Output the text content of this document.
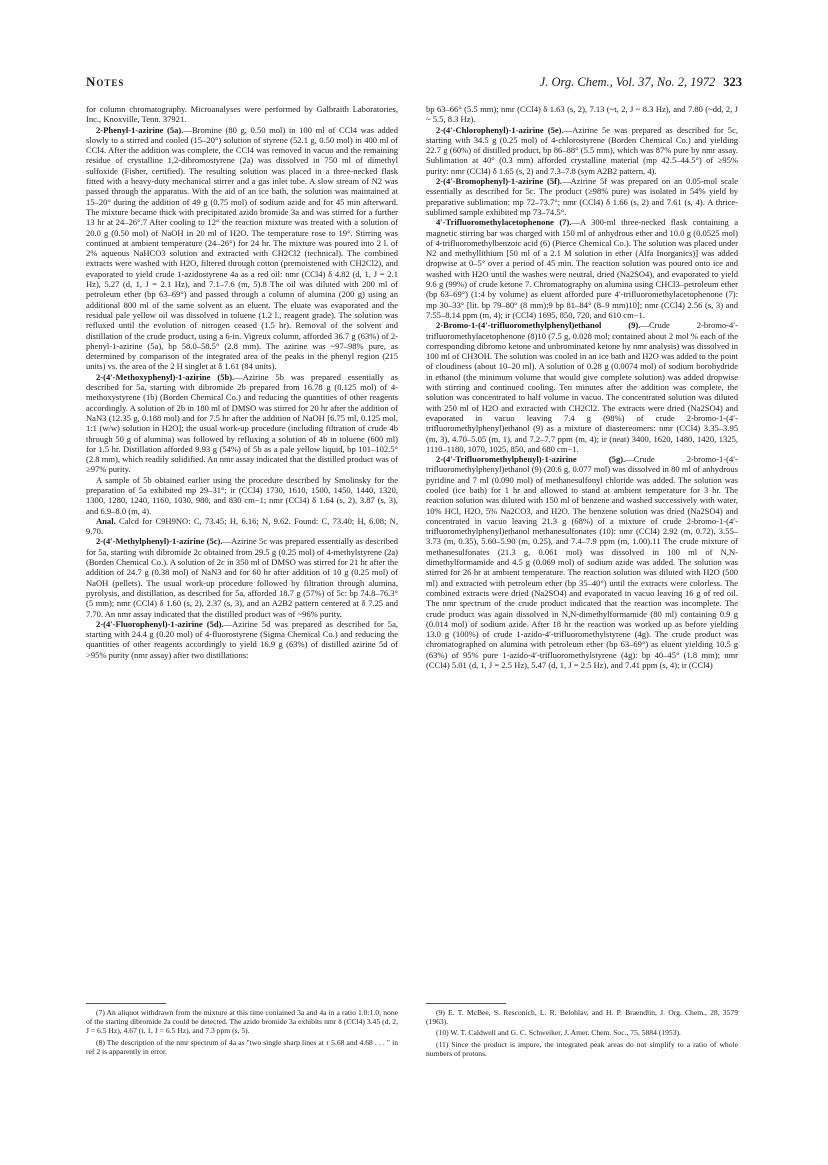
Notes	J. Org. Chem., Vol. 37, No. 2, 1972 323

for column chromatography. Microanalyses were performed by Galbraith Laboratories, Inc., Knoxville, Tenn. 37921.

2-Phenyl-1-azirine (5a).—Bromine (80 g, 0.50 mol) in 100 ml of CCl4 was added slowly to a stirred and cooled (15–20°) solution of styrene (52.1 g, 0.50 mol) in 400 ml of CCl4. After the addition was complete, the CCl4 was removed in vacuo and the remaining residue of crystalline 1,2-dibromostyrene (2a) was dissolved in 750 ml of dimethyl sulfoxide (Fisher, certified). The resulting solution was placed in a three-necked flask fitted with a heavy-duty mechanical stirrer and a gas inlet tube. A slow stream of N2 was passed through the apparatus. With the aid of an ice bath, the solution was maintained at 15–20° during the addition of 49 g (0.75 mol) of sodium azide and for 45 min afterward. The mixture became thick with precipitated azido bromide 3a and was stirred for a further 13 hr at 24–26°.7 After cooling to 12° the reaction mixture was treated with a solution of 20.0 g (0.50 mol) of NaOH in 20 ml of H2O. The temperature rose to 19°. Stirring was continued at ambient temperature (24–26°) for 24 hr. The mixture was poured into 2 l. of 2% aqueous NaHCO3 solution and extracted with CH2Cl2 (technical). The combined extracts were washed with H2O, filtered through cotton (premoistened with CH2Cl2), and evaporated to yield crude 1-azidostyrene 4a as a red oil: nmr (CCl4) δ 4.82 (d, 1, J = 2.1 Hz), 5.27 (d, 1, J = 2.1 Hz), and 7.1–7.6 (m, 5).8 The oil was diluted with 200 ml of petroleum ether (bp 63–69°) and passed through a column of alumina (200 g) using an additional 800 ml of the same solvent as an eluent. The eluate was evaporated and the residual pale yellow oil was dissolved in toluene (1.2 l., reagent grade). The solution was refluxed until the evolution of nitrogen ceased (1.5 hr). Removal of the solvent and distillation of the crude product, using a 6-in. Vigreux column, afforded 36.7 g (63%) of 2-phenyl-1-azirine (5a), bp 58.0–58.5° (2.8 mm). The azirine was ~97–98% pure, as determined by comparison of the integrated area of the peaks in the phenyl region (215 units) vs. the area of the 2 H singlet at δ 1.61 (84 units).

2-(4′-Methoxyphenyl)-1-azirine (5b).—Azirine 5b was prepared essentially as described for 5a, starting with dibromide 2b prepared from 16.78 g (0.125 mol) of 4-methoxystyrene (1b) (Borden Chemical Co.) and reducing the quantities of other reagents accordingly. A solution of 2b in 180 ml of DMSO was stirred for 20 hr after the addition of NaN3 (12.35 g, 0.188 mol) and for 7.5 hr after the addition of NaOH [6.75 ml, 0.125 mol, 1:1 (w/w) solution in H2O]; the usual work-up procedure (including filtration of crude 4b through 50 g of alumina) was followed by refluxing a solution of 4b in toluene (600 ml) for 1.5 hr. Distillation afforded 9.93 g (54%) of 5b as a pale yellow liquid, bp 101–102.5° (2.8 mm), which readily solidified. An nmr assay indicated that the distilled product was of ≥97% purity.

A sample of 5b obtained earlier using the procedure described by Smolinsky for the preparation of 5a exhibited mp 29–31°; ir (CCl4) 1730, 1610, 1500, 1450, 1440, 1320, 1300, 1280, 1240, 1160, 1030, 980, and 830 cm−1; nmr (CCl4) δ 1.64 (s, 2), 3.87 (s, 3), and 6.9–8.0 (m, 4).

Anal. Calcd for C9H9NO: C, 73.45; H, 6.16; N, 9.62. Found: C, 73.40; H, 6.08; N, 9.70.

2-(4′-Methylphenyl)-1-azirine (5c).—Azirine 5c was prepared essentially as described for 5a, starting with dibromide 2c obtained from 29.5 g (0.25 mol) of 4-methylstyrene (2a) (Borden Chemical Co.). A solution of 2c in 350 ml of DMSO was stirred for 21 hr after the addition of 24.7 g (0.38 mol) of NaN3 and for 60 hr after addition of 10 g (0.25 mol) of NaOH (pellets). The usual work-up procedure followed by filtration through alumina, pyrolysis, and distillation, as described for 5a, afforded 18.7 g (57%) of 5c: bp 74.8–76.3° (5 mm); nmr (CCl4) δ 1.60 (s, 2), 2.37 (s, 3), and an A2B2 pattern centered at δ 7.25 and 7.70. An nmr assay indicated that the distilled product was of ~96% purity.

2-(4′-Fluorophenyl)-1-azirine (5d).—Azirine 5d was prepared as described for 5a, starting with 24.4 g (0.20 mol) of 4-fluorostyrene (Sigma Chemical Co.) and reducing the quantities of other reagents accordingly to yield 16.9 g (63%) of distilled azirine 5d of >95% purity (nmr assay) after two distillations:

bp 63–66° (5.5 mm); nmr (CCl4) δ 1.63 (s, 2), 7.13 (~t, 2, J ~ 8.3 Hz), and 7.80 (~dd, 2, J ~ 5.5, 8.3 Hz).

2-(4′-Chlorophenyl)-1-azirine (5e).—Azirine 5e was prepared as described for 5c, starting with 34.5 g (0.25 mol) of 4-chlorostyrene (Borden Chemical Co.) and yielding 22.7 g (60%) of distilled product, bp 86–88° (5.5 mm), which was 87% pure by nmr assay. Sublimation at 40° (0.3 mm) afforded crystalline material (mp 42.5–44.5°) of ≥95% purity: nmr (CCl4) δ 1.65 (s, 2) and 7.3–7.8 (sym A2B2 pattern, 4).

2-(4′-Bromophenyl)-1-azirine (5f).—Azirine 5f was prepared on an 0.05-mol scale essentially as described for 5c. The product (≥98% pure) was isolated in 54% yield by preparative sublimation: mp 72–73.7°; nmr (CCl4) δ 1.66 (s, 2) and 7.61 (s, 4). A thrice-sublimed sample exhibited mp 73–74.5°.

4′-Trifluoromethylacetophenone (7).—A 300-ml three-necked flask containing a magnetic stirring bar was charged with 150 ml of anhydrous ether and 10.0 g (0.0525 mol) of 4-trifluoromethylbenzoic acid (6) (Pierce Chemical Co.). The solution was placed under N2 and methyllithium [50 ml of a 2.1 M solution in ether (Alfa Inorganics)] was added dropwise at 0–5° over a period of 45 min. The reaction solution was poured onto ice and washed with H2O until the washes were neutral, dried (Na2SO4), and evaporated to yield 9.6 g (99%) of crude ketone 7. Chromatography on alumina using CHCl3–petroleum ether (bp 63–69°) (1:4 by volume) as eluent afforded pure 4′-trifluoromethylacetophenone (7): mp 30–33° [lit. bp 79–80° (8 mm);9 bp 81–84° (8–9 mm)10]; nmr (CCl4) 2.56 (s, 3) and 7.55–8.14 ppm (m, 4); ir (CCl4) 1695, 850, 720, and 610 cm−1.

2-Bromo-1-(4′-trifluoromethylphenyl)ethanol (9).—Crude 2-bromo-4′-trifluoromethylacetophenone (8)10 (7.5 g, 0.028 mol; contained about 2 mol % each of the corresponding dibromo ketone and unbrominated ketone by nmr analysis) was dissolved in 100 ml of CH3OH. The solution was cooled in an ice bath and H2O was added to the point of cloudiness (about 10–20 ml). A solution of 0.28 g (0.0074 mol) of sodium borohydride in ethanol (the minimum volume that would give complete solution) was added dropwise with stirring and continued cooling. Ten minutes after the addition was complete, the solution was concentrated to half volume in vacuo. The concentrated solution was diluted with 250 ml of H2O and extracted with CH2Cl2. The extracts were dried (Na2SO4) and evaporated in vacuo leaving 7.4 g (98%) of crude 2-bromo-1-(4′-trifluoromethylphenyl)ethanol (9) as a mixture of diastereomers: nmr (CCl4) 3.35–3.95 (m, 3), 4.70–5.05 (m, 1), and 7.2–7.7 ppm (m, 4); ir (neat) 3400, 1620, 1480, 1420, 1325, 1110–1180, 1070, 1025, 850, and 680 cm−1.

2-(4′-Trifluoromethylphenyl)-1-azirine (5g).—Crude 2-bromo-1-(4′-trifluoromethylphenyl)ethanol (9) (20.6 g, 0.077 mol) was dissolved in 80 ml of anhydrous pyridine and 7 ml (0.090 mol) of methanesulfonyl chloride was added. The solution was cooled (ice bath) for 1 hr and allowed to stand at ambient temperature for 3 hr. The reaction solution was diluted with 150 ml of benzene and washed successively with water, 10% HCl, H2O, 5% Na2CO3, and H2O. The benzene solution was dried (Na2SO4) and concentrated in vacuo leaving 21.3 g (68%) of a mixture of crude 2-bromo-1-(4′-trifluoromethylphenyl)ethanol methanesulfonates (10): nmr (CCl4) 2.92 (m, 0.72), 3.55–3.73 (m, 0.35), 5.60–5.90 (m, 0.25), and 7.4–7.9 ppm (m, 1.00).11 The crude mixture of methanesulfonates (21.3 g, 0.061 mol) was dissolved in 100 ml of N,N-dimethylformamide and 4.5 g (0.069 mol) of sodium azide was added. The solution was stirred for 26 hr at ambient temperature. The reaction solution was diluted with H2O (500 ml) and extracted with petroleum ether (bp 35–40°) until the extracts were colorless. The combined extracts were dried (Na2SO4) and evaporated in vacuo leaving 16 g of red oil. The nmr spectrum of the crude product indicated that the reaction was incomplete. The crude product was again dissolved in N,N-dimethylformamide (80 ml) containing 0.9 g (0.014 mol) of sodium azide. After 18 hr the reaction was worked up as before yielding 13.0 g (100%) of crude 1-azido-4′-trifluoromethylstyrene (4g). The crude product was chromatographed on alumina with petroleum ether (bp 63–69°) as eluent yielding 10.5 g (63%) of 95% pure 1-azido-4′-trifluoromethylstyrene (4g): bp 40–45° (1.8 mm); nmr (CCl4) 5.01 (d, 1, J = 2.5 Hz), 5.47 (d, 1, J = 2.5 Hz), and 7.41 ppm (s, 4); ir (CCl4)

(7) An aliquot withdrawn from the mixture at this time contained 3a and 4a in a ratio 1.0:1.0; none of the starting dibromide 2a could be detected. The azido bromide 3a exhibits nmr δ (CCl4) 3.45 (d, 2, J = 6.5 Hz), 4.67 (t, 1, J = 6.5 Hz), and 7.3 ppm (s, 5).

(8) The description of the nmr spectrum of 4a as "two single sharp lines at τ 5.68 and 4.68 . . . " in ref 2 is apparently in error.

(9) E. T. McBee, S. Resconich, L. R. Belohlav, and H. P. Braendlin, J. Org. Chem., 28, 3579 (1963).

(10) W. T. Caldwell and G. C. Schweiker, J. Amer. Chem. Soc., 75, 5884 (1953).

(11) Since the product is impure, the integrated peak areas do not simplify to a ratio of whole numbers of protons.
